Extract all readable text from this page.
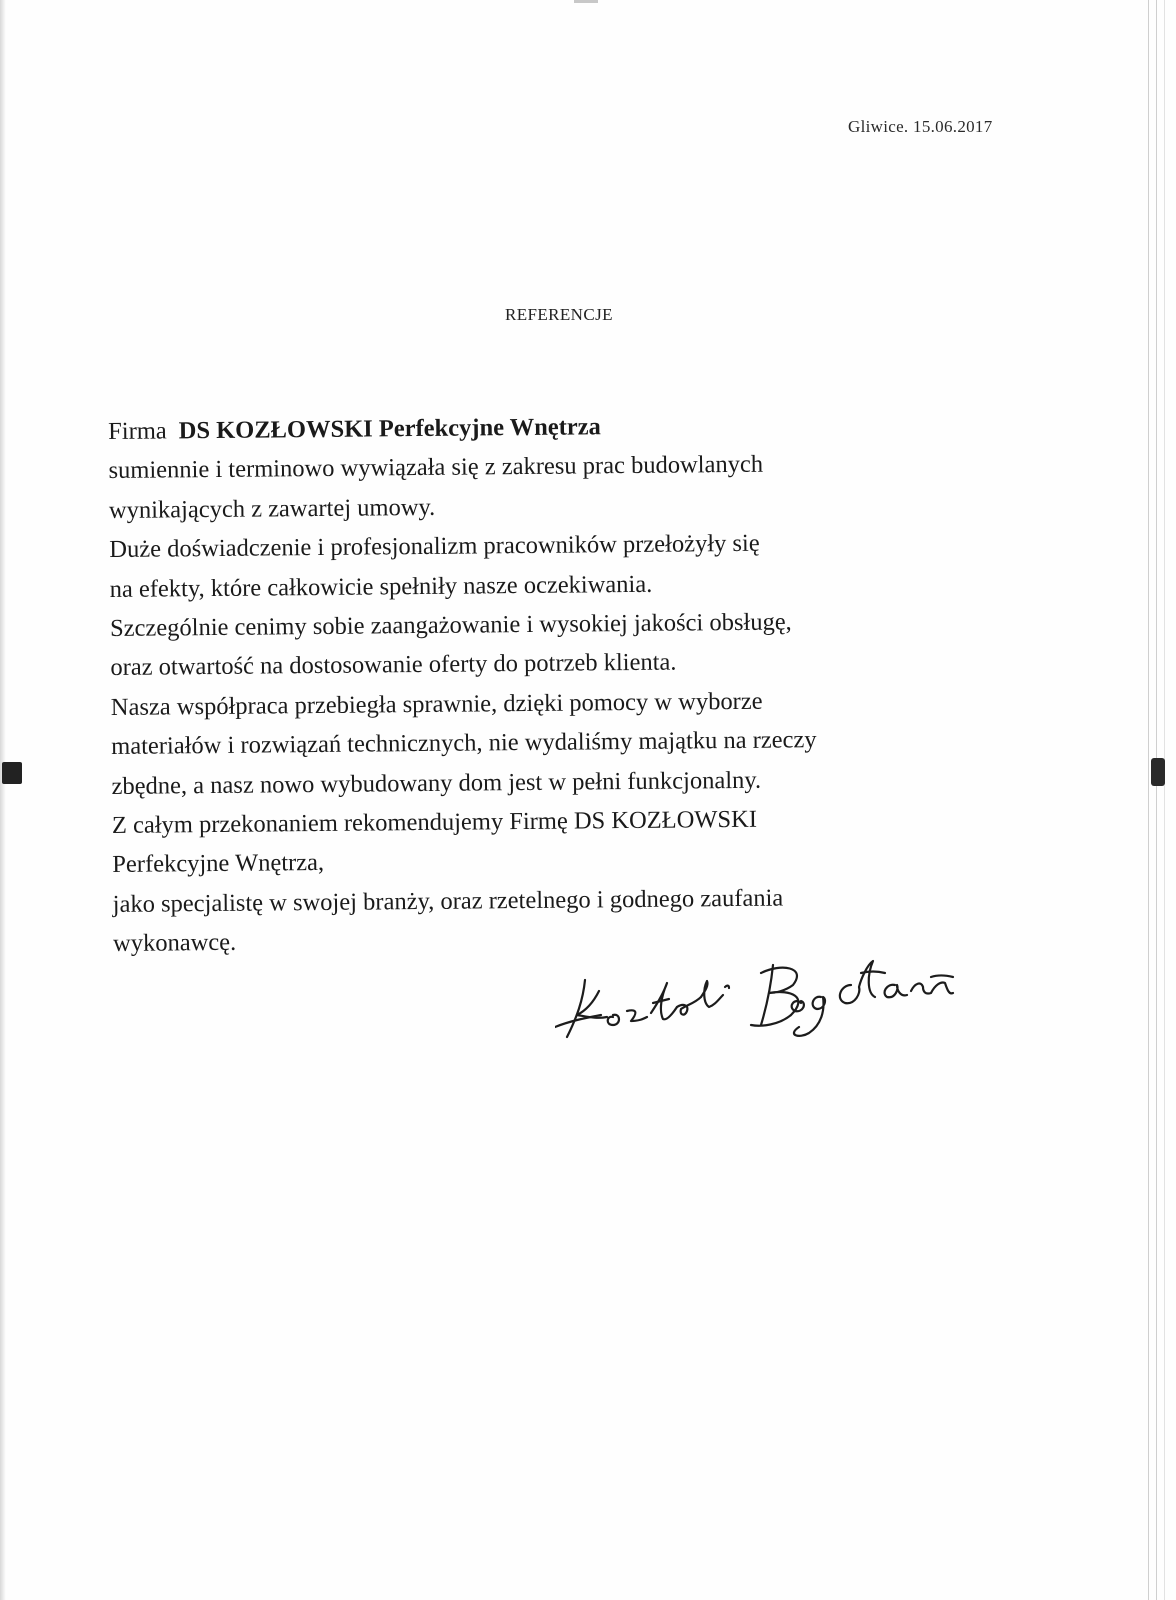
Gliwice. 15.06.2017
REFERENCJE
Firma DS KOZŁOWSKI Perfekcyjne Wnętrza
sumiennie i terminowo wywiązała się z zakresu prac budowlanych
wynikających z zawartej umowy.
Duże doświadczenie i profesjonalizm pracowników przełożyły się
na efekty, które całkowicie spełniły nasze oczekiwania.
Szczególnie cenimy sobie zaangażowanie i wysokiej jakości obsługę,
oraz otwartość na dostosowanie oferty do potrzeb klienta.
Nasza współpraca przebiegła sprawnie, dzięki pomocy w wyborze
materiałów i rozwiązań technicznych, nie wydaliśmy majątku na rzeczy
zbędne, a nasz nowo wybudowany dom jest w pełni funkcjonalny.
Z całym przekonaniem rekomendujemy Firmę DS KOZŁOWSKI
Perfekcyjne Wnętrza,
jako specjalistę w swojej branży, oraz rzetelnego i godnego zaufania
wykonawcę.
